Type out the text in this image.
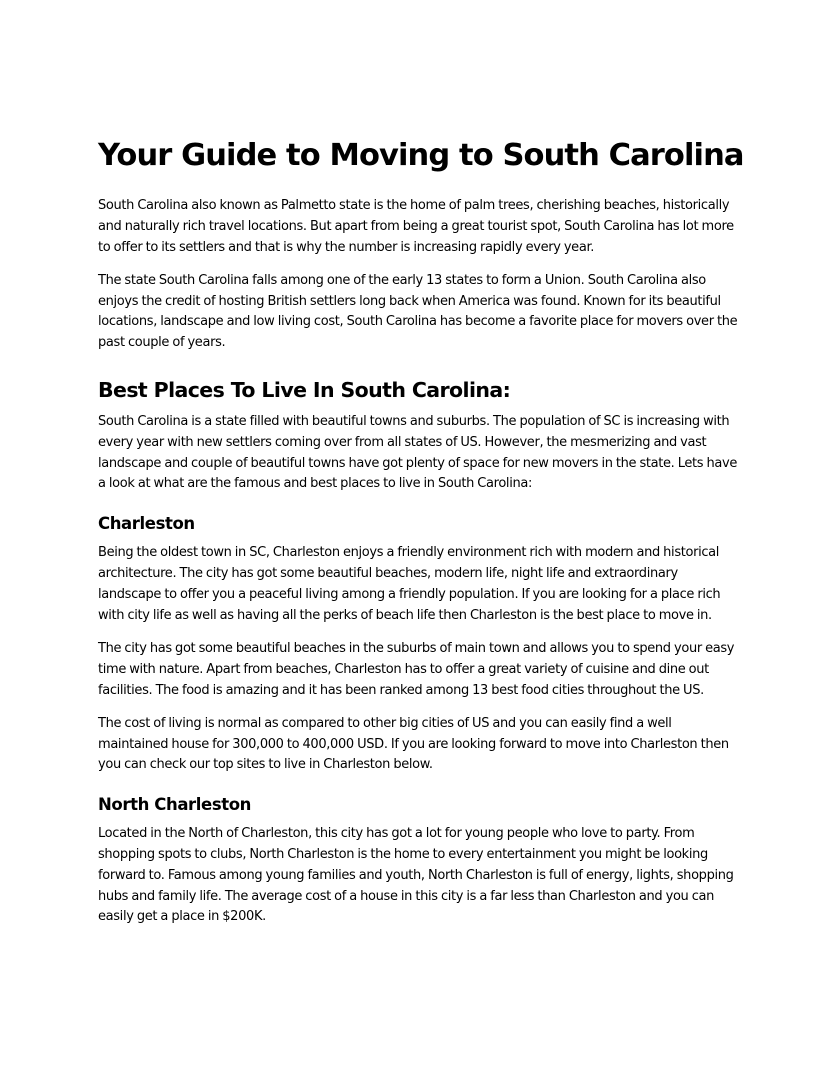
Your Guide to Moving to South Carolina

South Carolina also known as Palmetto state is the home of palm trees, cherishing beaches, historically and naturally rich travel locations. But apart from being a great tourist spot, South Carolina has lot more to offer to its settlers and that is why the number is increasing rapidly every year.

The state South Carolina falls among one of the early 13 states to form a Union. South Carolina also enjoys the credit of hosting British settlers long back when America was found. Known for its beautiful locations, landscape and low living cost, South Carolina has become a favorite place for movers over the past couple of years.

Best Places To Live In South Carolina:

South Carolina is a state filled with beautiful towns and suburbs. The population of SC is increasing with every year with new settlers coming over from all states of US. However, the mesmerizing and vast landscape and couple of beautiful towns have got plenty of space for new movers in the state. Lets have a look at what are the famous and best places to live in South Carolina:

Charleston

Being the oldest town in SC, Charleston enjoys a friendly environment rich with modern and historical architecture. The city has got some beautiful beaches, modern life, night life and extraordinary landscape to offer you a peaceful living among a friendly population. If you are looking for a place rich with city life as well as having all the perks of beach life then Charleston is the best place to move in.

The city has got some beautiful beaches in the suburbs of main town and allows you to spend your easy time with nature. Apart from beaches, Charleston has to offer a great variety of cuisine and dine out facilities. The food is amazing and it has been ranked among 13 best food cities throughout the US.

The cost of living is normal as compared to other big cities of US and you can easily find a well maintained house for 300,000 to 400,000 USD. If you are looking forward to move into Charleston then you can check our top sites to live in Charleston below.

North Charleston

Located in the North of Charleston, this city has got a lot for young people who love to party. From shopping spots to clubs, North Charleston is the home to every entertainment you might be looking forward to. Famous among young families and youth, North Charleston is full of energy, lights, shopping hubs and family life. The average cost of a house in this city is a far less than Charleston and you can easily get a place in $200K.
